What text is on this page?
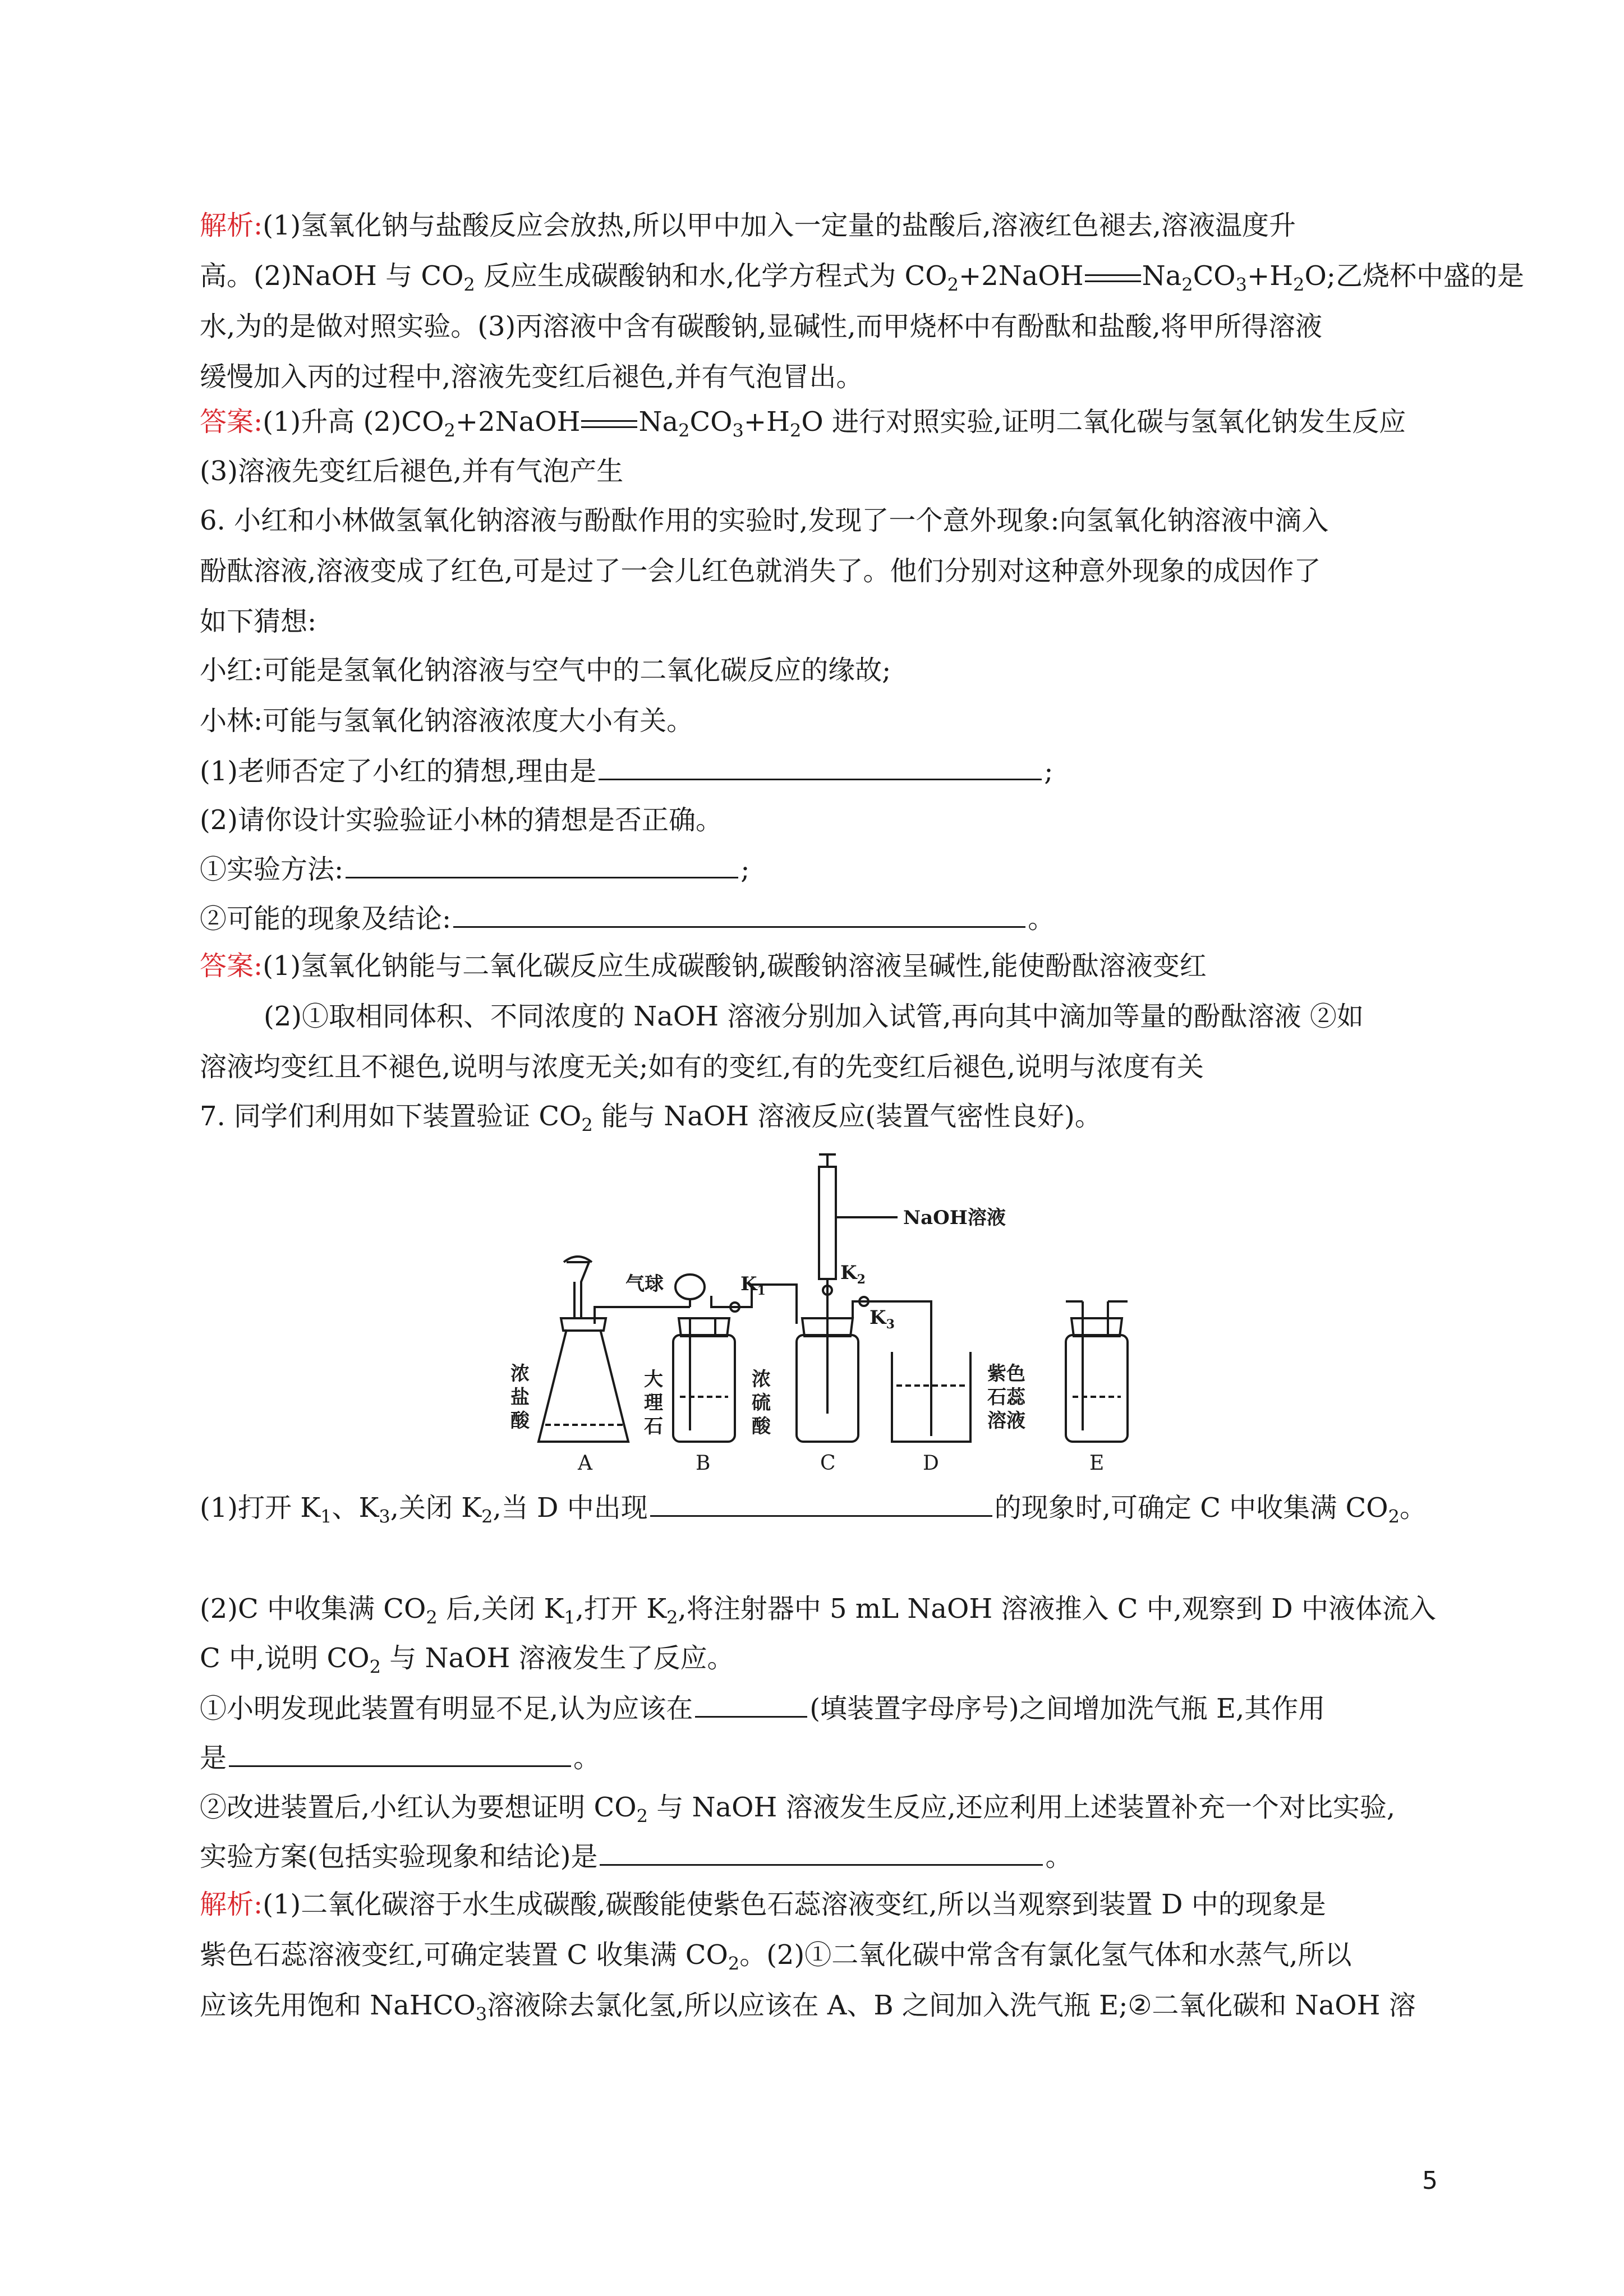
解析:(1)氢氧化钠与盐酸反应会放热,所以甲中加入一定量的盐酸后,溶液红色褪去,溶液温度升

高。(2)NaOH 与 $CO_2$ 反应生成碳酸钠和水,化学方程式为 $CO_2+2NaOH$ $Na_2CO_3+H_2O$;乙烧杯中盛的是

水,为的是做对照实验。(3)丙溶液中含有碳酸钠,显碱性,而甲烧杯中有酚酞和盐酸,将甲所得溶液

缓慢加入丙的过程中,溶液先变红后褪色,并有气泡冒出。

答案:(1)升高 $(2)CO_2+2NaOH$ $Na_2CO_3+H_2O$ 进行对照实验,证明二氧化碳与氢氧化钠发生反应

(3)溶液先变红后褪色,并有气泡产生

6. 小红和小林做氢氧化钠溶液与酚酞作用的实验时,发现了一个意外现象:向氢氧化钠溶液中滴入

酚酞溶液,溶液变成了红色,可是过了一会儿红色就消失了。他们分别对这种意外现象的成因作了

如下猜想:

小红:可能是氢氧化钠溶液与空气中的二氧化碳反应的缘故;

小林:可能与氢氧化钠溶液浓度大小有关。

(1)老师否定了小红的猜想,理由是	;

(2)请你设计实验验证小林的猜想是否正确。

①实验方法:	;

②可能的现象及结论:	。

答案:(1)氢氧化钠能与二氧化碳反应生成碳酸钠,碳酸钠溶液呈碱性,能使酚酞溶液变红

(2)①取相同体积、不同浓度的 NaOH 溶液分别加入试管,再向其中滴加等量的酚酞溶液 ②如

溶液均变红且不褪色,说明与浓度无关;如有的变红,有的先变红后褪色,说明与浓度有关

7. 同学们利用如下装置验证 $CO_2$ 能与 NaOH 溶液反应(装置气密性良好)。

NaOH溶液
气球	$K_1$
$K_2$
$K_3$
浓
盐
酸
大
理
石
浓
硫
酸
紫色
石蕊
溶液
A	B	C	D	E

(1)打开 $K_1$、$K_3$,关闭 $K_2$,当 D 中出现	的现象时,可确定 C 中收集满 $CO_2$。

(2)C 中收集满 $CO_2$ 后,关闭 $K_1$,打开 $K_2$,将注射器中 5 mL NaOH 溶液推入 C 中,观察到 D 中液体流入

C 中,说明 $CO_2$ 与 NaOH 溶液发生了反应。

①小明发现此装置有明显不足,认为应该在	(填装置字母序号)之间增加洗气瓶 E,其作用

是	。

②改进装置后,小红认为要想证明 $CO_2$ 与 NaOH 溶液发生反应,还应利用上述装置补充一个对比实验,

实验方案(包括实验现象和结论)是	。

解析:(1)二氧化碳溶于水生成碳酸,碳酸能使紫色石蕊溶液变红,所以当观察到装置 D 中的现象是

紫色石蕊溶液变红,可确定装置 C 收集满 $CO_2$。(2)①二氧化碳中常含有氯化氢气体和水蒸气,所以

应该先用饱和 NaHCO$_3$溶液除去氯化氢,所以应该在 A、B 之间加入洗气瓶 E;②二氧化碳和 NaOH 溶

5
